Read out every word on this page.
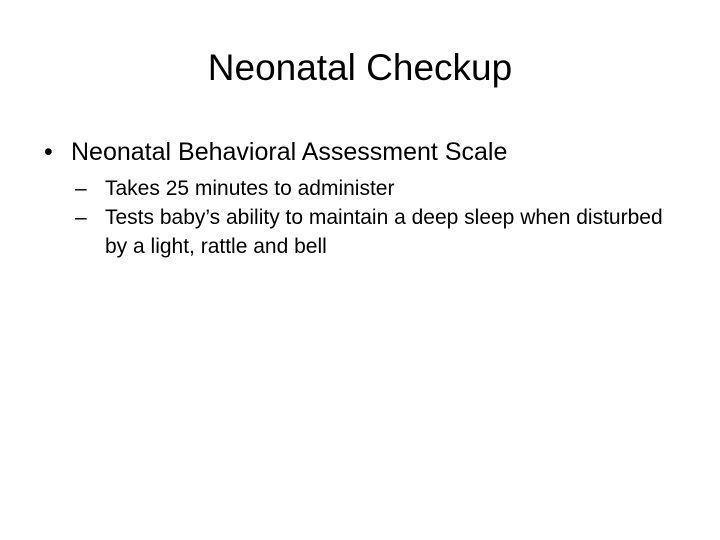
Neonatal Checkup
• Neonatal Behavioral Assessment Scale
– Takes 25 minutes to administer
– Tests baby’s ability to maintain a deep sleep when disturbed by a light, rattle and bell
